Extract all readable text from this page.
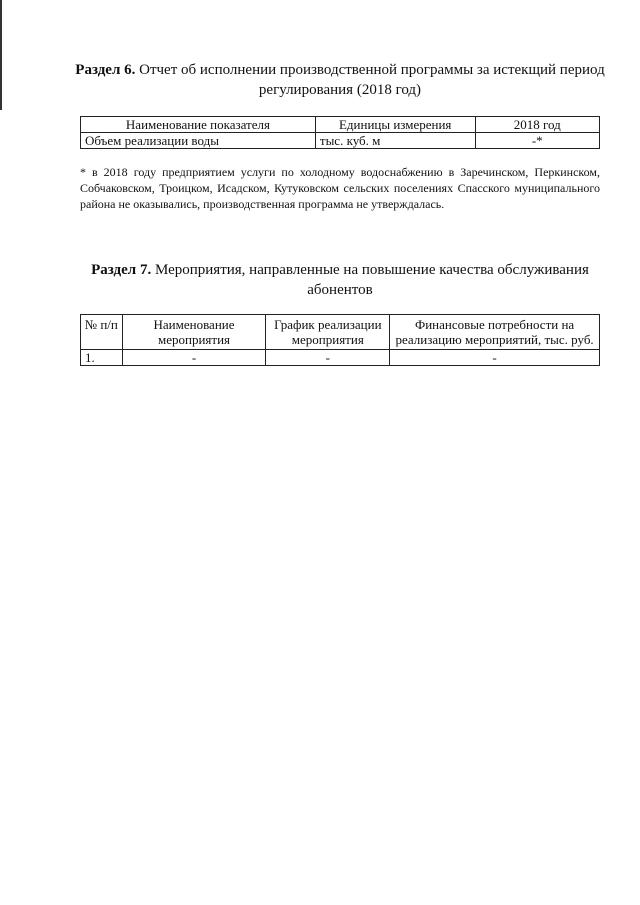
Раздел 6. Отчет об исполнении производственной программы за истекщий период регулирования (2018 год)
Наименование показателя	Единицы измерения	2018 год
Объем реализации воды	тыс. куб. м	-*
* в 2018 году предприятием услуги по холодному водоснабжению в Заречинском, Перкинском, Собчаковском, Троицком, Исадском, Кутуковском сельских поселениях Спасского муниципального района не оказывались, производственная программа не утверждалась.
Раздел 7. Мероприятия, направленные на повышение качества обслуживания абонентов
№ п/п	Наименование мероприятия	График реализации мероприятия	Финансовые потребности на реализацию мероприятий, тыс. руб.
1.	-	-	-
